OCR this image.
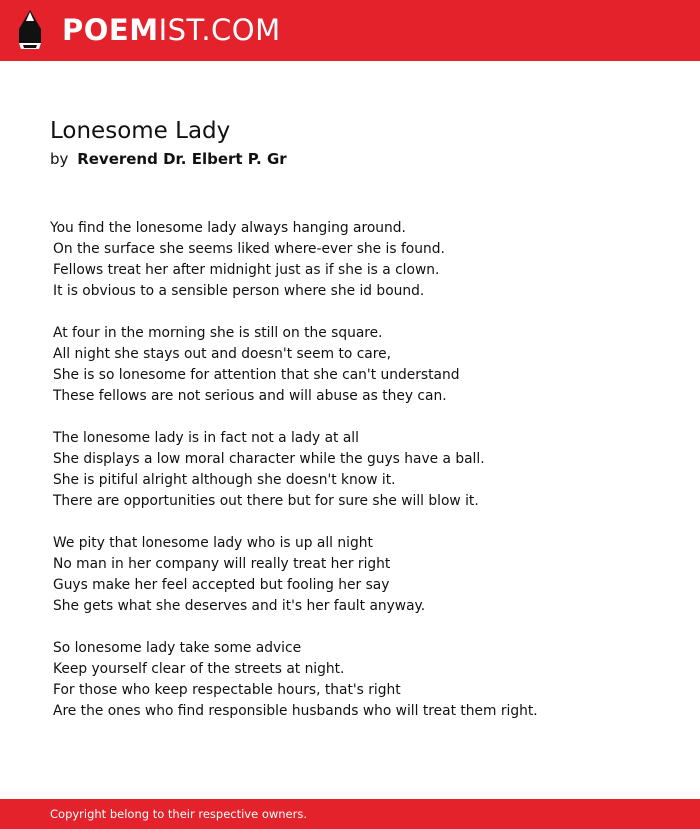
POEMIST.COM
Lonesome Lady
by Reverend Dr. Elbert P. Gr
You find the lonesome lady always hanging around.
On the surface she seems liked where-ever she is found.
Fellows treat her after midnight just as if she is a clown.
It is obvious to a sensible person where she id bound.
At four in the morning she is still on the square.
All night she stays out and doesn't seem to care,
She is so lonesome for attention that she can't understand
These fellows are not serious and will abuse as they can.
The lonesome lady is in fact not a lady at all
She displays a low moral character while the guys have a ball.
She is pitiful alright although she doesn't know it.
There are opportunities out there but for sure she will blow it.
We pity that lonesome lady who is up all night
No man in her company will really treat her right
Guys make her feel accepted but fooling her say
She gets what she deserves and it's her fault anyway.
So lonesome lady take some advice
Keep yourself clear of the streets at night.
For those who keep respectable hours, that's right
Are the ones who find responsible husbands who will treat them right.
Copyright belong to their respective owners.
